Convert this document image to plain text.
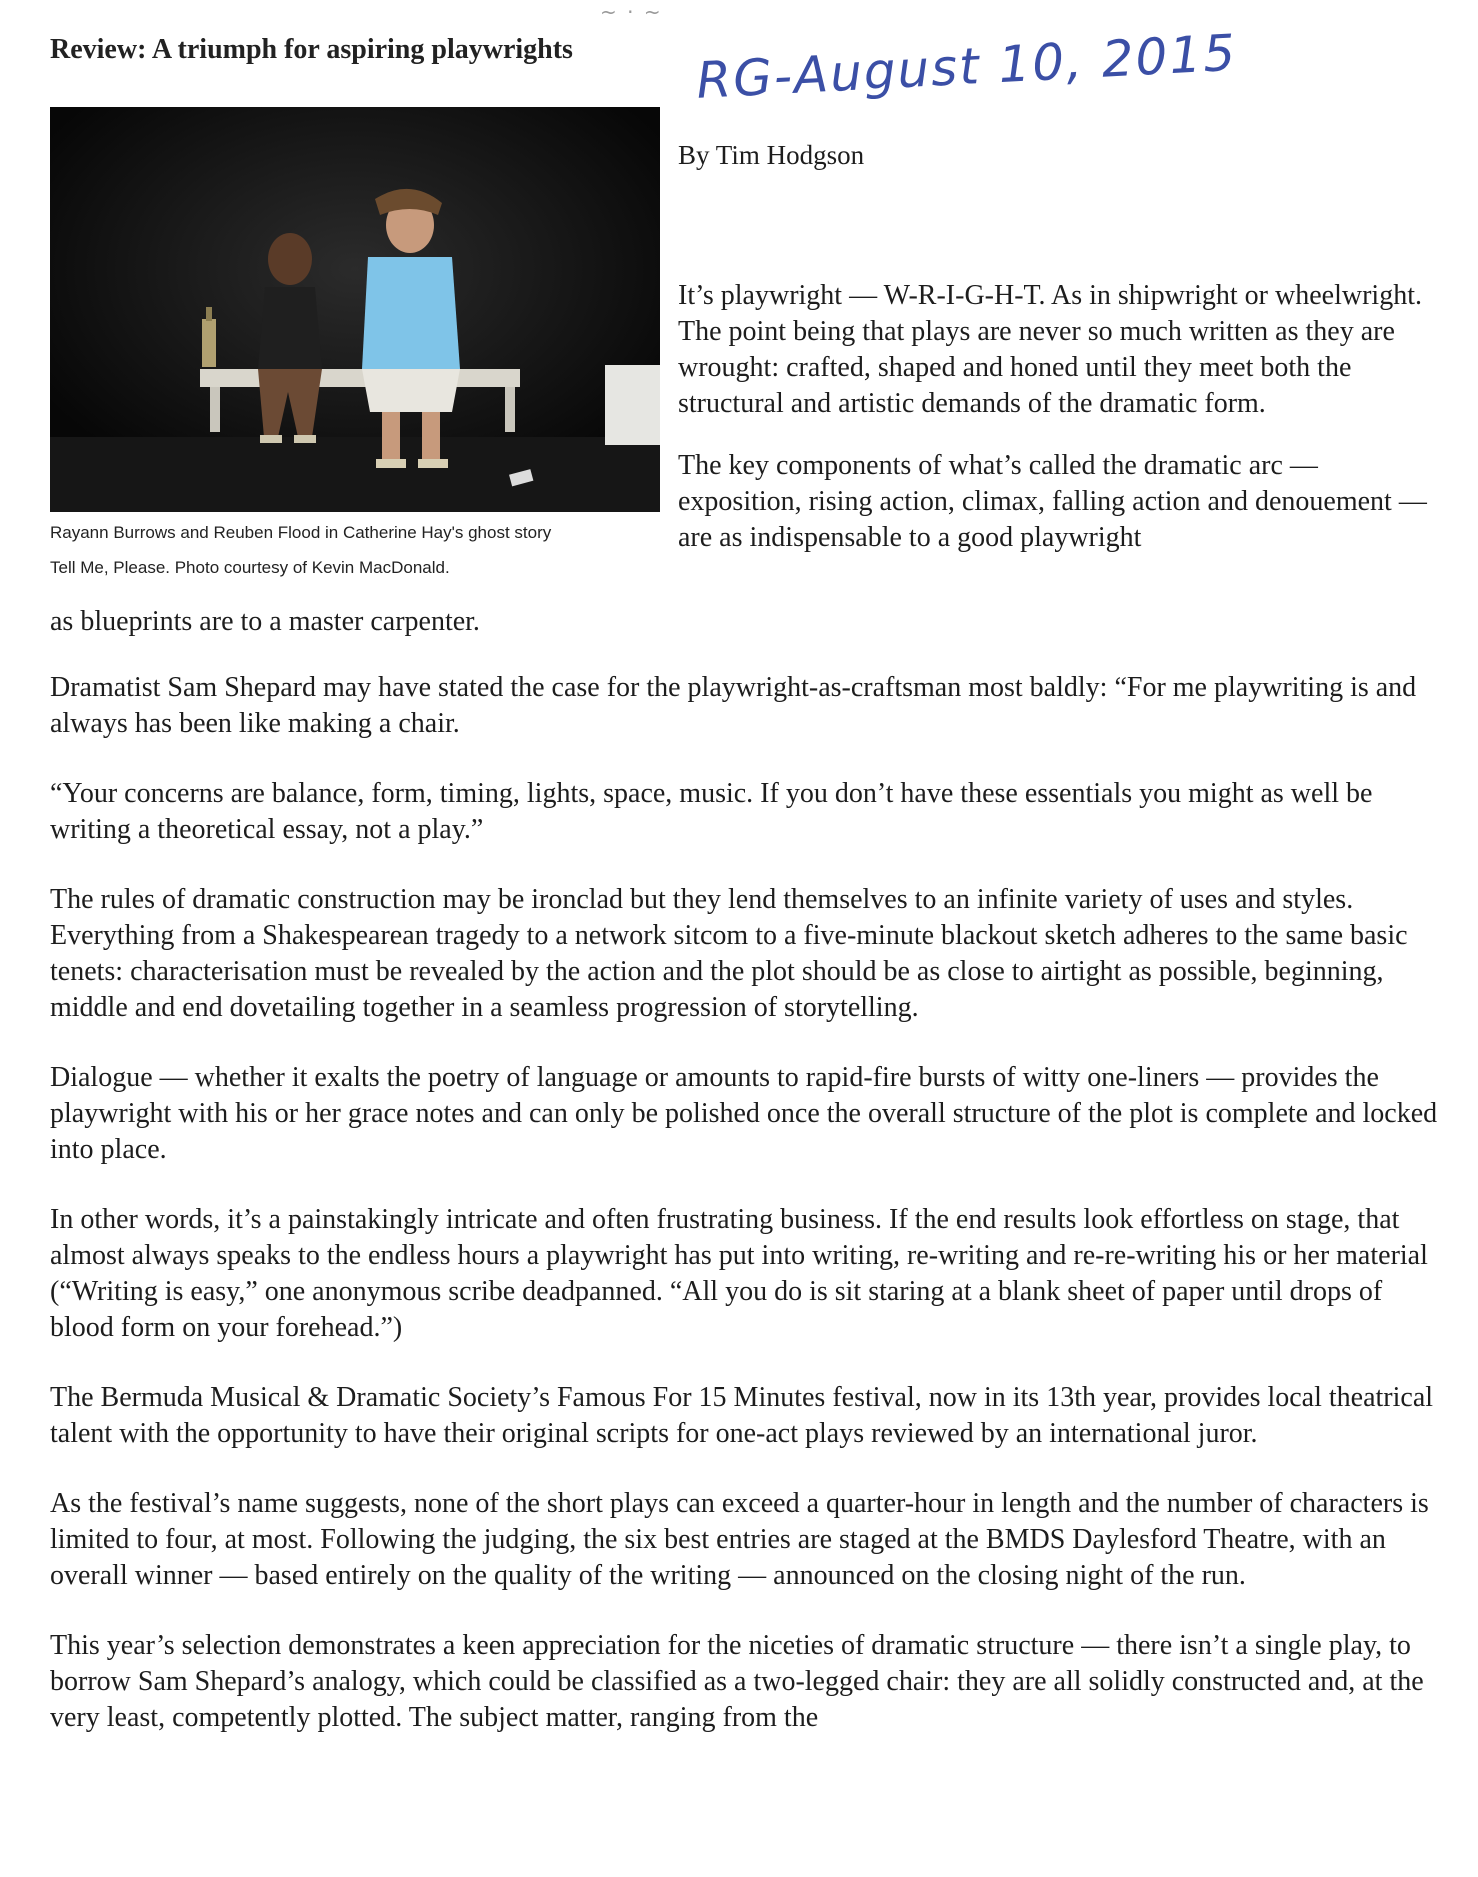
~ · ~
Review: A triumph for aspiring playwrights RG-August 10, 2015
Rayann Burrows and Reuben Flood in Catherine Hay's ghost story
Tell Me, Please. Photo courtesy of Kevin MacDonald.
By Tim Hodgson

It’s playwright — W-R-I-G-H-T. As in shipwright or wheelwright. The point being that plays are never so much written as they are wrought: crafted, shaped and honed until they meet both the structural and artistic demands of the dramatic form.

The key components of what’s called the dramatic arc — exposition, rising action, climax, falling action and denouement — are as indispensable to a good playwright

as blueprints are to a master carpenter.

Dramatist Sam Shepard may have stated the case for the playwright-as-craftsman most baldly: “For me playwriting is and always has been like making a chair.

“Your concerns are balance, form, timing, lights, space, music. If you don’t have these essentials you might as well be writing a theoretical essay, not a play.”

The rules of dramatic construction may be ironclad but they lend themselves to an infinite variety of uses and styles. Everything from a Shakespearean tragedy to a network sitcom to a five-minute blackout sketch adheres to the same basic tenets: characterisation must be revealed by the action and the plot should be as close to airtight as possible, beginning, middle and end dovetailing together in a seamless progression of storytelling.

Dialogue — whether it exalts the poetry of language or amounts to rapid-fire bursts of witty one-liners — provides the playwright with his or her grace notes and can only be polished once the overall structure of the plot is complete and locked into place.

In other words, it’s a painstakingly intricate and often frustrating business. If the end results look effortless on stage, that almost always speaks to the endless hours a playwright has put into writing, re-writing and re-re-writing his or her material (“Writing is easy,” one anonymous scribe deadpanned. “All you do is sit staring at a blank sheet of paper until drops of blood form on your forehead.”)

The Bermuda Musical & Dramatic Society’s Famous For 15 Minutes festival, now in its 13th year, provides local theatrical talent with the opportunity to have their original scripts for one-act plays reviewed by an international juror.

As the festival’s name suggests, none of the short plays can exceed a quarter-hour in length and the number of characters is limited to four, at most. Following the judging, the six best entries are staged at the BMDS Daylesford Theatre, with an overall winner — based entirely on the quality of the writing — announced on the closing night of the run.

This year’s selection demonstrates a keen appreciation for the niceties of dramatic structure — there isn’t a single play, to borrow Sam Shepard’s analogy, which could be classified as a two-legged chair: they are all solidly constructed and, at the very least, competently plotted. The subject matter, ranging from the
